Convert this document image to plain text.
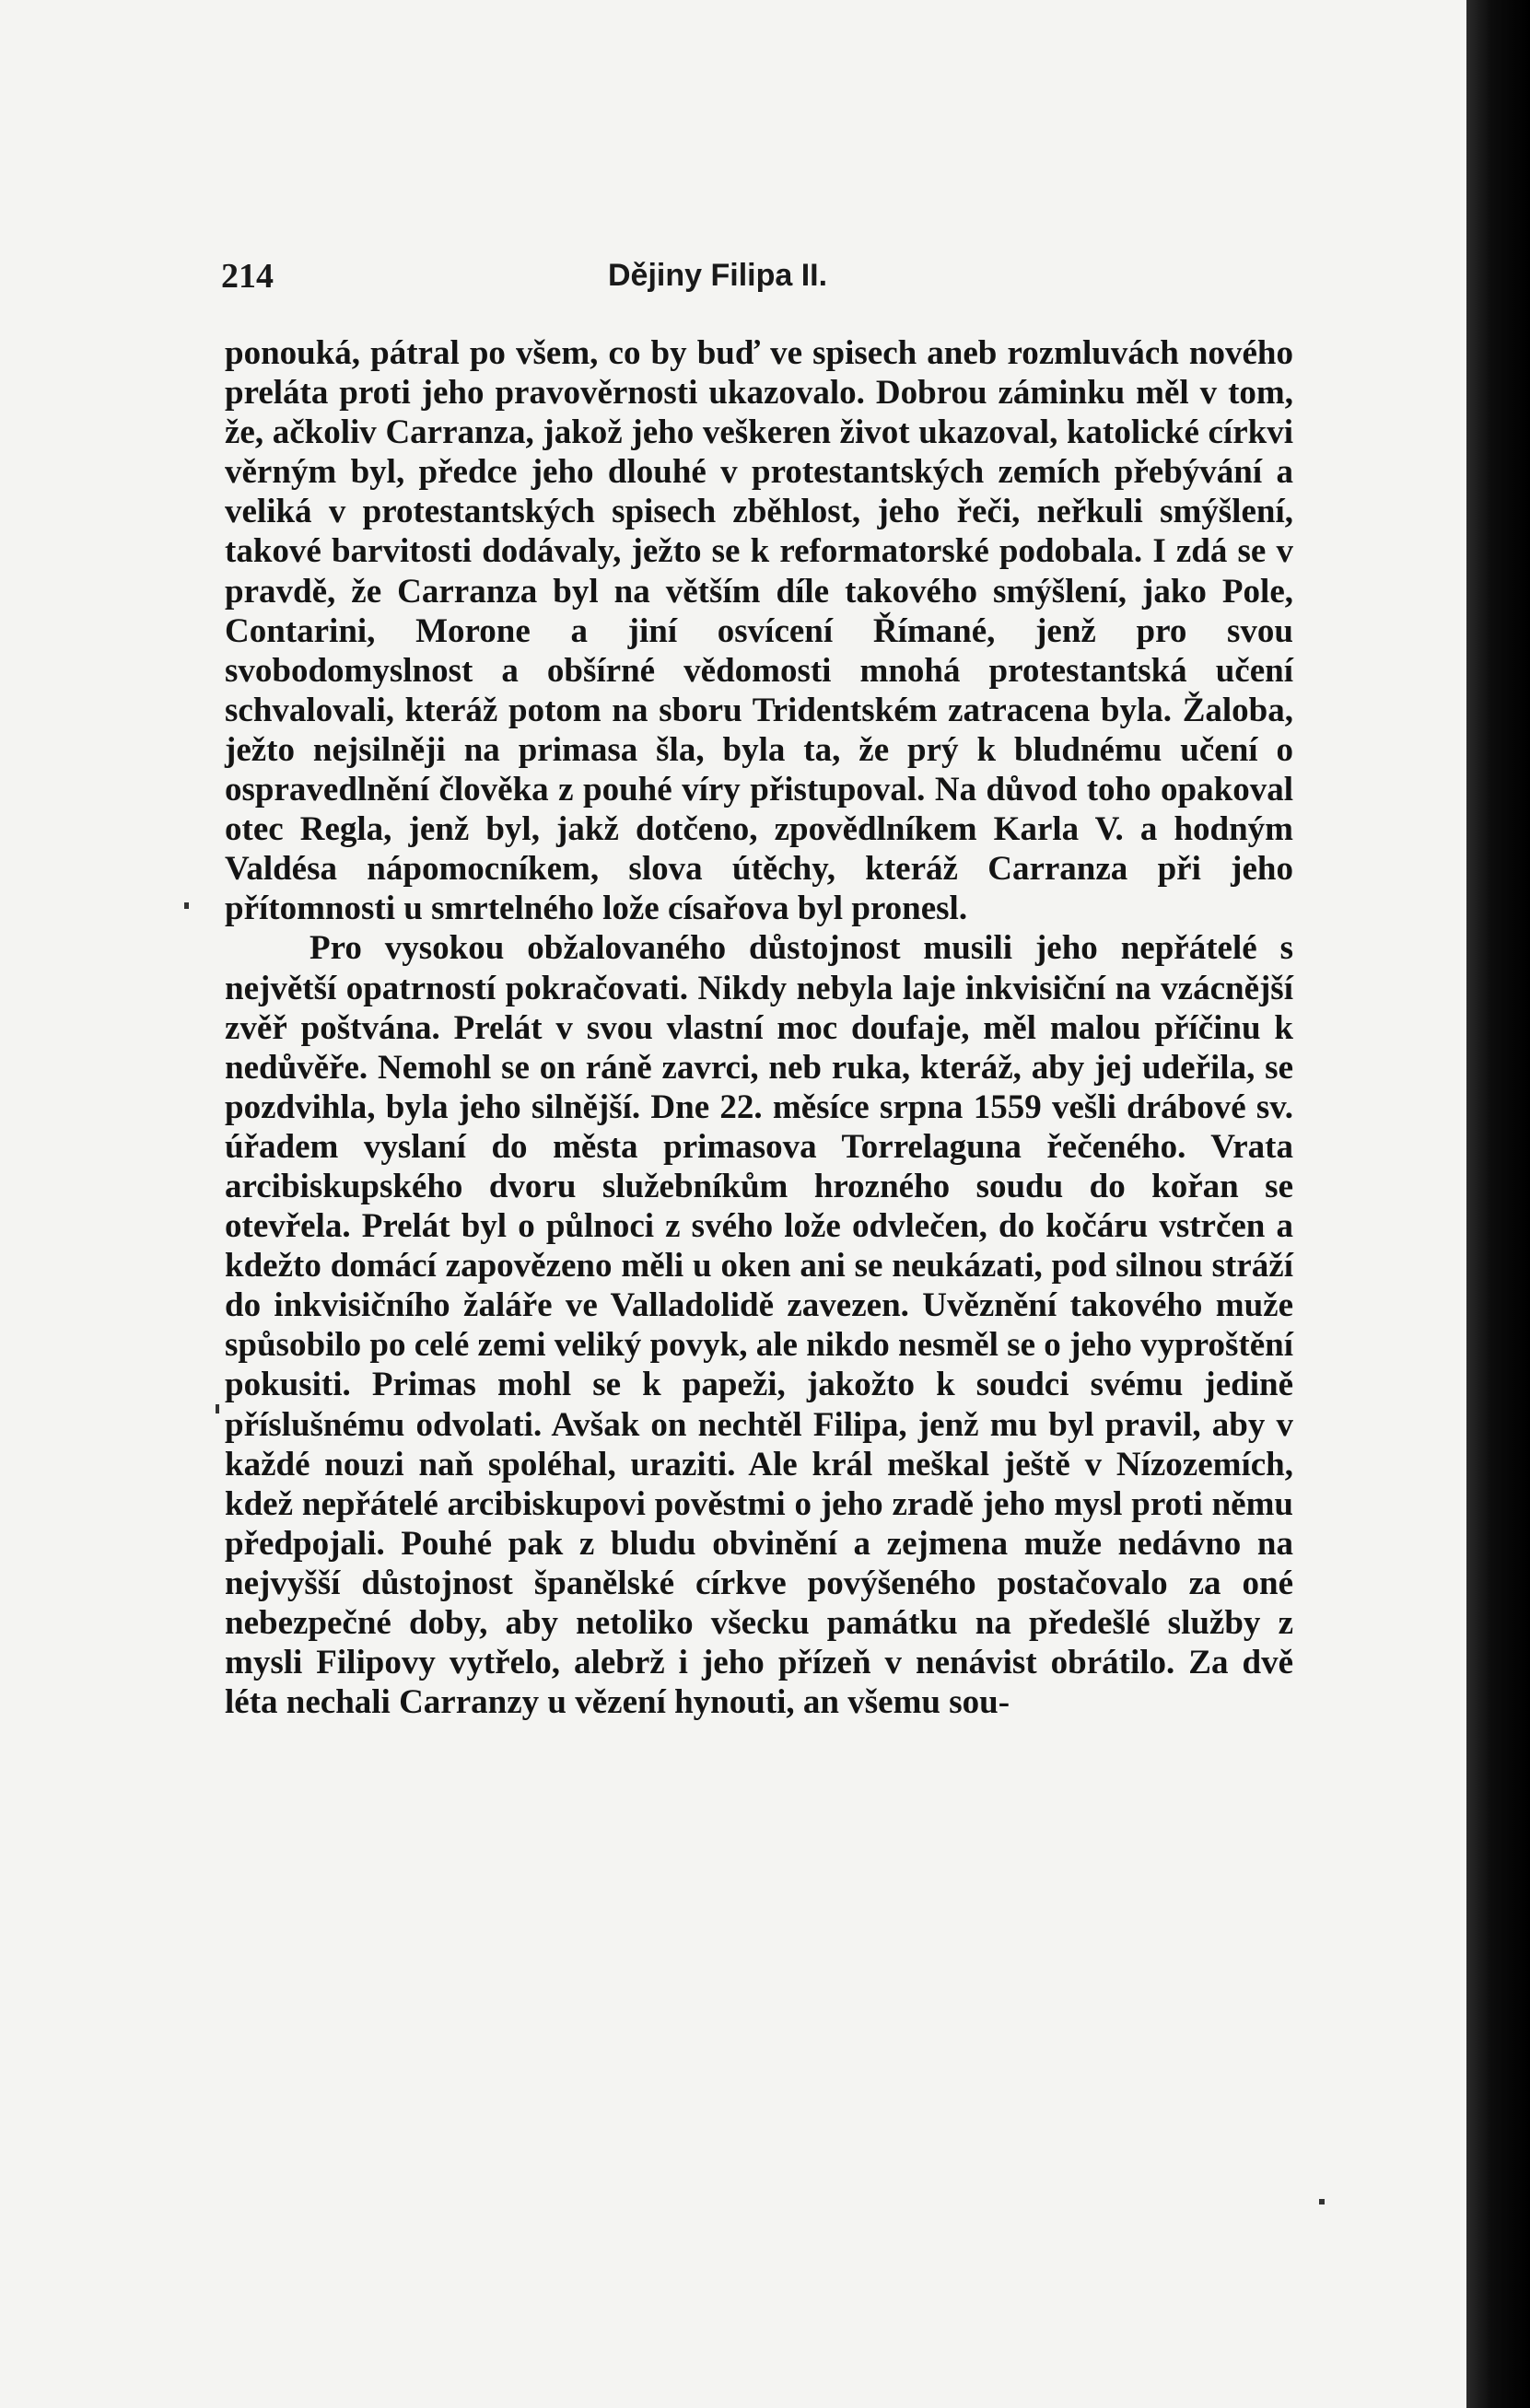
214	Dějiny Filipa II.

ponouká, pátral po všem, co by buď ve spisech aneb rozmluvách nového preláta proti jeho pravověrnosti ukazovalo. Dobrou záminku měl v tom, že, ačkoliv Carranza, jakož jeho veškeren život ukazoval, katolické církvi věrným byl, předce jeho dlouhé v protestantských zemích přebývání a veliká v protestantských spisech zběhlost, jeho řeči, neřkuli smýšlení, takové barvitosti dodávaly, ježto se k reformatorské podobala. I zdá se v pravdě, že Carranza byl na větším díle takového smýšlení, jako Pole, Contarini, Morone a jiní osvícení Římané, jenž pro svou svobodomyslnost a obšírné vědomosti mnohá protestantská učení schvalovali, kteráž potom na sboru Tridentském zatracena byla. Žaloba, ježto nejsilněji na primasa šla, byla ta, že prý k bludnému učení o ospravedlnění člověka z pouhé víry přistupoval. Na důvod toho opakoval otec Regla, jenž byl, jakž dotčeno, zpovědlníkem Karla V. a hodným Valdésa nápomocníkem, slova útěchy, kteráž Carranza při jeho přítomnosti u smrtelného lože císařova byl pronesl.

Pro vysokou obžalovaného důstojnost musili jeho nepřátelé s největší opatrností pokračovati. Nikdy nebyla laje inkvisiční na vzácnější zvěř poštvána. Prelát v svou vlastní moc doufaje, měl malou příčinu k nedůvěře. Nemohl se on ráně zavrci, neb ruka, kteráž, aby jej udeřila, se pozdvihla, byla jeho silnější. Dne 22. měsíce srpna 1559 vešli drábové sv. úřadem vyslaní do města primasova Torrelaguna řečeného. Vrata arcibiskupského dvoru služebníkům hrozného soudu do kořan se otevřela. Prelát byl o půlnoci z svého lože odvlečen, do kočáru vstrčen a kdežto domácí zapovězeno měli u oken ani se neukázati, pod silnou stráží do inkvisičního žaláře ve Valladolidě zavezen. Uvěznění takového muže spůsobilo po celé zemi veliký povyk, ale nikdo nesměl se o jeho vyproštění pokusiti. Primas mohl se k papeži, jakožto k soudci svému jedině příslušnému odvolati. Avšak on nechtěl Filipa, jenž mu byl pravil, aby v každé nouzi naň spoléhal, uraziti. Ale král meškal ještě v Nízozemích, kdež nepřátelé arcibiskupovi pověstmi o jeho zradě jeho mysl proti němu předpojali. Pouhé pak z bludu obvinění a zejmena muže nedávno na nejvyšší důstojnost španělské církve povýšeného postačovalo za oné nebezpečné doby, aby netoliko všecku památku na předešlé služby z mysli Filipovy vytřelo, alebrž i jeho přízeň v nenávist obrátilo. Za dvě léta nechali Carranzy u vězení hynouti, an všemu sou-
